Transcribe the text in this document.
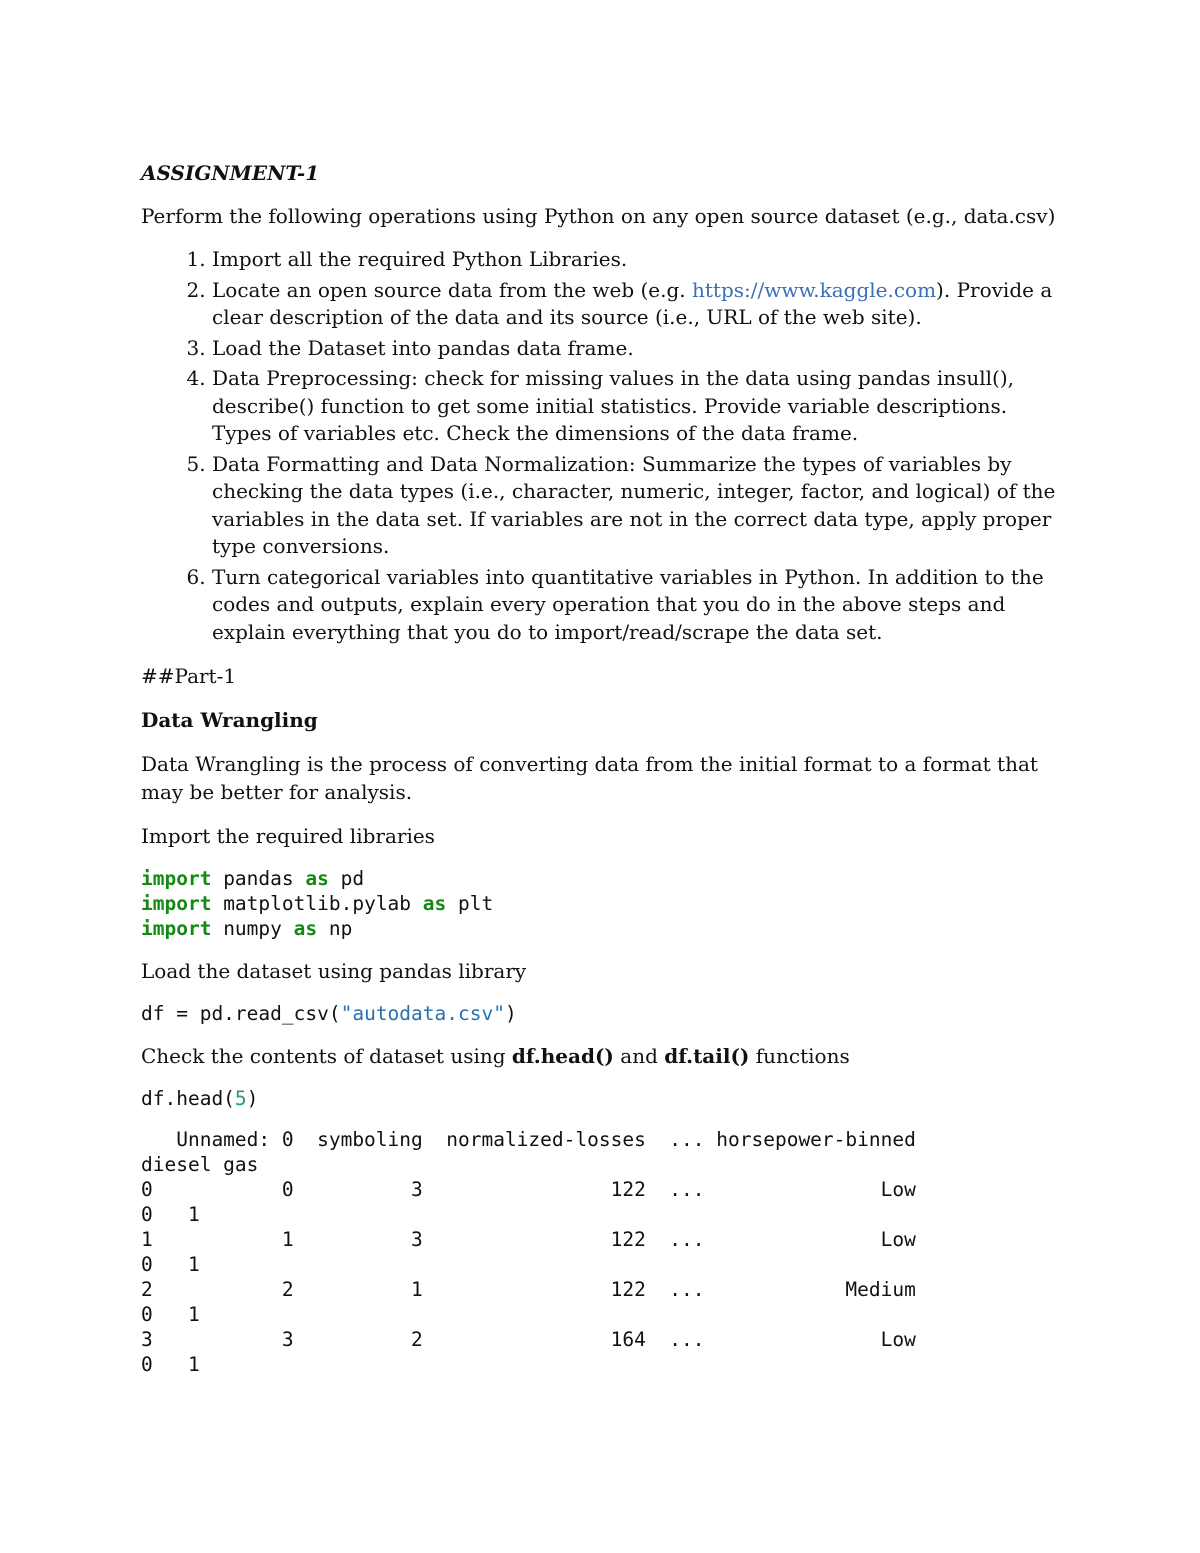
ASSIGNMENT-1

Perform the following operations using Python on any open source dataset (e.g., data.csv)

1. Import all the required Python Libraries.
2. Locate an open source data from the web (e.g. https://www.kaggle.com). Provide a clear description of the data and its source (i.e., URL of the web site).
3. Load the Dataset into pandas data frame.
4. Data Preprocessing: check for missing values in the data using pandas insull(), describe() function to get some initial statistics. Provide variable descriptions. Types of variables etc. Check the dimensions of the data frame.
5. Data Formatting and Data Normalization: Summarize the types of variables by checking the data types (i.e., character, numeric, integer, factor, and logical) of the variables in the data set. If variables are not in the correct data type, apply proper type conversions.
6. Turn categorical variables into quantitative variables in Python. In addition to the codes and outputs, explain every operation that you do in the above steps and explain everything that you do to import/read/scrape the data set.

##Part-1

Data Wrangling

Data Wrangling is the process of converting data from the initial format to a format that may be better for analysis.

Import the required libraries

import pandas as pd
import matplotlib.pylab as plt
import numpy as np

Load the dataset using pandas library

df = pd.read_csv("autodata.csv")

Check the contents of dataset using df.head() and df.tail() functions

df.head(5)
Unnamed: 0  symboling  normalized-losses  ... horsepower-binned
diesel gas
0           0          3                122  ...               Low
0   1
1           1          3                122  ...               Low
0   1
2           2          1                122  ...            Medium
0   1
3           3          2                164  ...               Low
0   1
